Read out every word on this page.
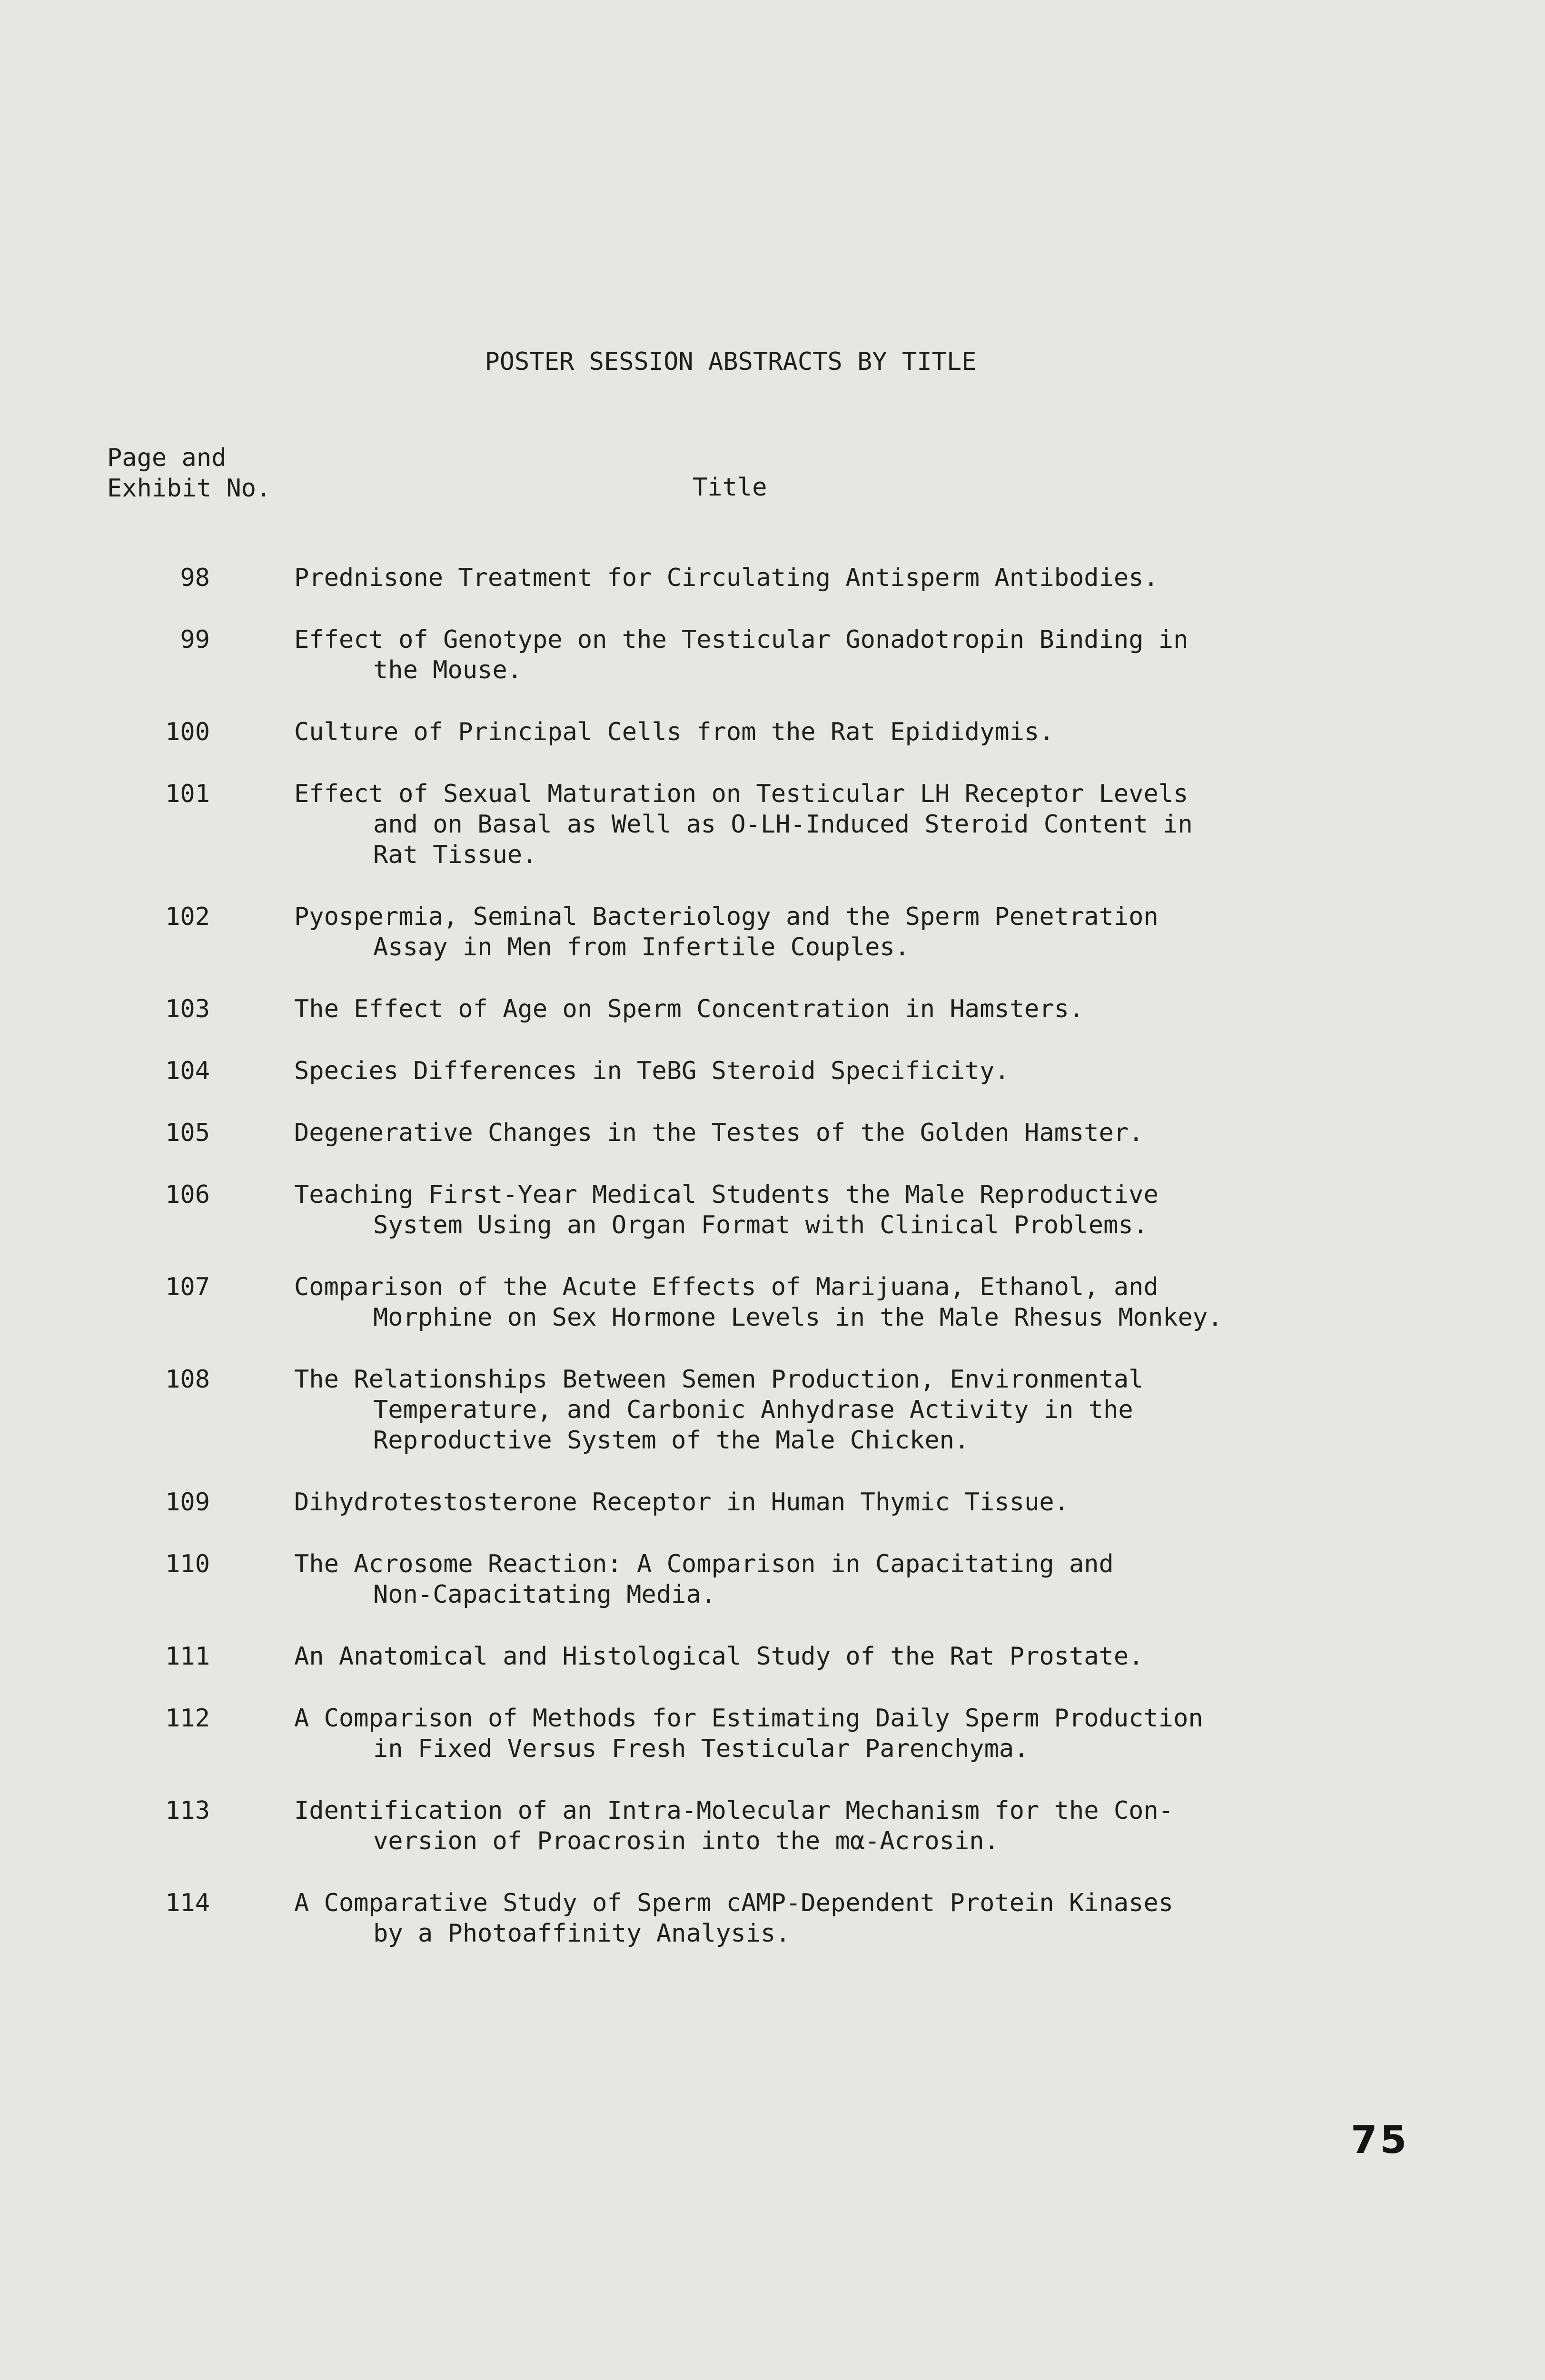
POSTER SESSION ABSTRACTS BY TITLE
Page and
Exhibit No.	Title
98	Prednisone Treatment for Circulating Antisperm Antibodies.
99	Effect of Genotype on the Testicular Gonadotropin Binding in
the Mouse.
100	Culture of Principal Cells from the Rat Epididymis.
101	Effect of Sexual Maturation on Testicular LH Receptor Levels
and on Basal as Well as O-LH-Induced Steroid Content in
Rat Tissue.
102	Pyospermia, Seminal Bacteriology and the Sperm Penetration
Assay in Men from Infertile Couples.
103	The Effect of Age on Sperm Concentration in Hamsters.
104	Species Differences in TeBG Steroid Specificity.
105	Degenerative Changes in the Testes of the Golden Hamster.
106	Teaching First-Year Medical Students the Male Reproductive
System Using an Organ Format with Clinical Problems.
107	Comparison of the Acute Effects of Marijuana, Ethanol, and
Morphine on Sex Hormone Levels in the Male Rhesus Monkey.
108	The Relationships Between Semen Production, Environmental
Temperature, and Carbonic Anhydrase Activity in the
Reproductive System of the Male Chicken.
109	Dihydrotestosterone Receptor in Human Thymic Tissue.
110	The Acrosome Reaction: A Comparison in Capacitating and
Non-Capacitating Media.
111	An Anatomical and Histological Study of the Rat Prostate.
112	A Comparison of Methods for Estimating Daily Sperm Production
in Fixed Versus Fresh Testicular Parenchyma.
113	Identification of an Intra-Molecular Mechanism for the Con-
version of Proacrosin into the mα-Acrosin.
114	A Comparative Study of Sperm cAMP-Dependent Protein Kinases
by a Photoaffinity Analysis.
75
